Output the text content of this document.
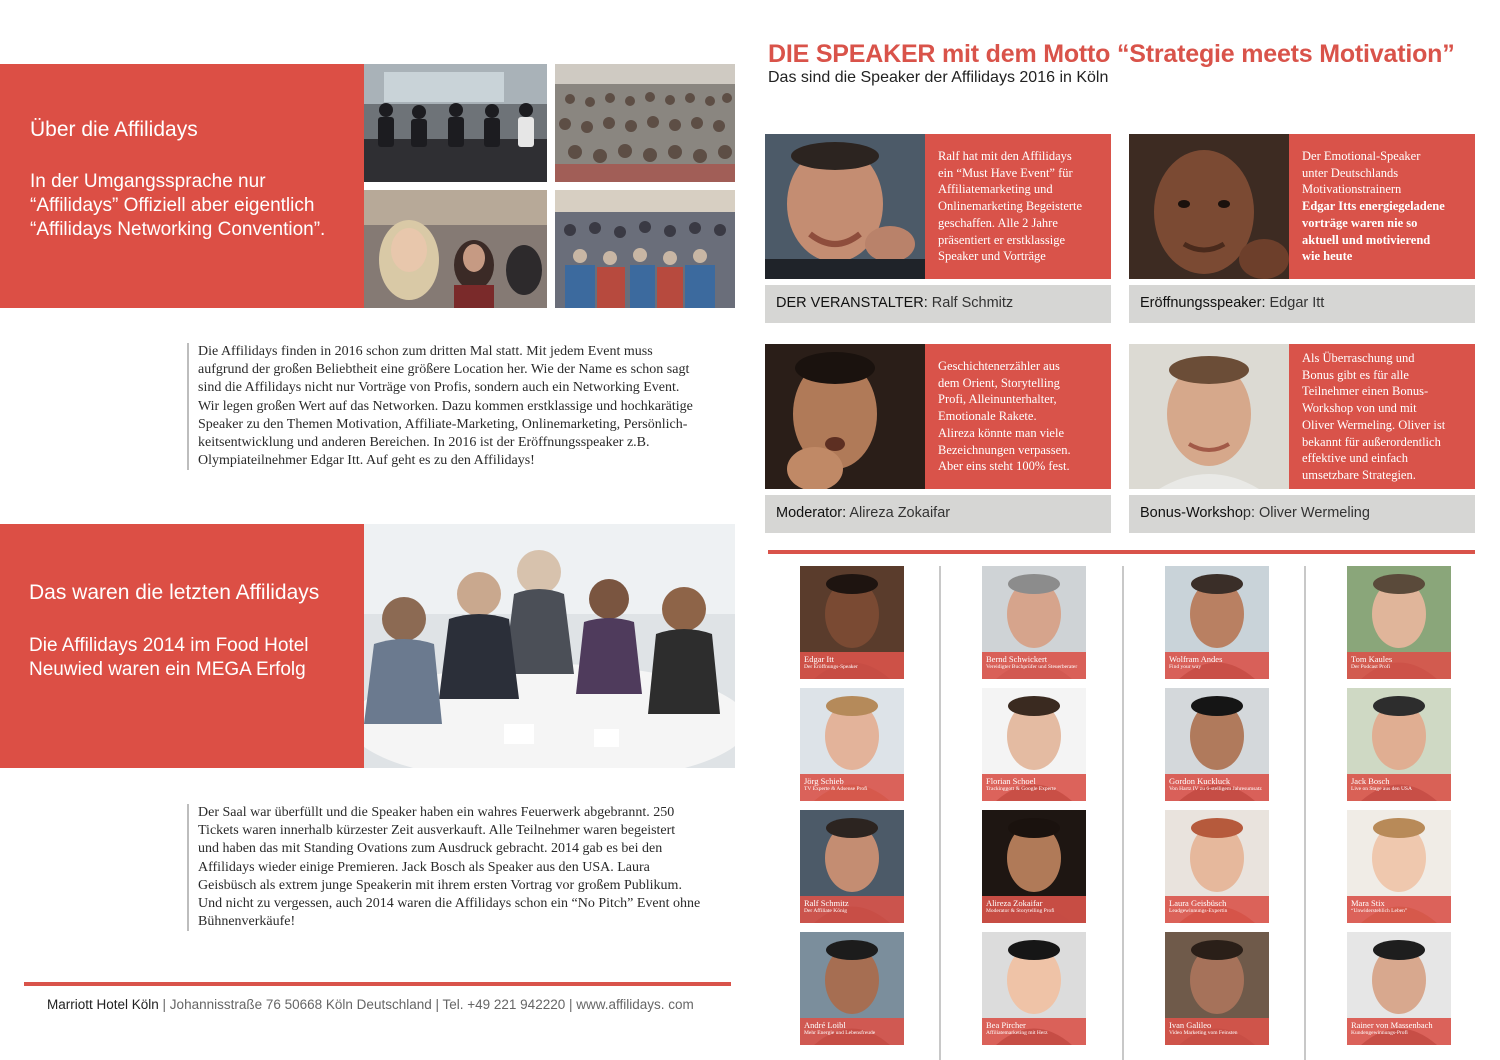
Über die Affilidays
In der Umgangssprache nur
“Affilidays” Offiziell aber eigentlich
“Affilidays Networking Convention”.
Die Affilidays finden in 2016 schon zum dritten Mal statt. Mit jedem Event muss
aufgrund der großen Beliebtheit eine größere Location her. Wie der Name es schon sagt
sind die Affilidays nicht nur Vorträge von Profis, sondern auch ein Networking Event.
Wir legen großen Wert auf das Networken. Dazu kommen erstklassige und hochkarätige
Speaker zu den Themen Motivation, Affiliate-Marketing, Onlinemarketing, Persönlich-
keitsentwicklung und anderen Bereichen. In 2016 ist der Eröffnungsspeaker z.B.
Olympiateilnehmer Edgar Itt. Auf geht es zu den Affilidays!
Das waren die letzten Affilidays
Die Affilidays 2014 im Food Hotel
Neuwied waren ein MEGA Erfolg
Der Saal war überfüllt und die Speaker haben ein wahres Feuerwerk abgebrannt. 250
Tickets waren innerhalb kürzester Zeit ausverkauft. Alle Teilnehmer waren begeistert
und haben das mit Standing Ovations zum Ausdruck gebracht. 2014 gab es bei den
Affilidays wieder einige Premieren. Jack Bosch als Speaker aus den USA. Laura
Geisbüsch als extrem junge Speakerin mit ihrem ersten Vortrag vor großem Publikum.
Und nicht zu vergessen, auch 2014 waren die Affilidays schon ein “No Pitch” Event ohne
Bühnenverkäufe!
Marriott Hotel Köln | Johannisstraße 76 50668 Köln Deutschland | Tel. +49 221 942220 | www.affilidays. com
DIE SPEAKER mit dem Motto “Strategie meets Motivation”
Das sind die Speaker der Affilidays 2016 in Köln
Ralf hat mit den Affilidays
ein “Must Have Event” für
Affiliatemarketing und
Onlinemarketing Begeisterte
geschaffen. Alle 2 Jahre
präsentiert er erstklassige
Speaker und Vorträge
DER VERANSTALTER: Ralf Schmitz
Der Emotional-Speaker
unter Deutschlands
Motivationstrainern
Edgar Itts energiegeladene
vorträge waren nie so
aktuell und motivierend
wie heute
Eröffnungsspeaker: Edgar Itt
Geschichtenerzähler aus
dem Orient, Storytelling
Profi, Alleinunterhalter,
Emotionale Rakete.
Alireza könnte man viele
Bezeichnungen verpassen.
Aber eins steht 100% fest.
Moderator: Alireza Zokaifar
Als Überraschung und
Bonus gibt es für alle
Teilnehmer einen Bonus-
Workshop von und mit
Oliver Wermeling. Oliver ist
bekannt für außerordentlich
effektive und einfach
umsetzbare Strategien.
Bonus-Workshop: Oliver Wermeling
Edgar Itt
Der Eröffnungs-Speaker
Bernd Schwickert
Vereidigter Buchprüfer und Steuerberater
Wolfram Andes
Find your way
Tom Kaules
Der Podcast Profi
Jörg Schieb
TV Experte & Adsense Profi
Florian Schoel
Trackinggott & Google Experte
Gordon Kuckluck
Von Hartz IV zu 6-stelligem Jahresumsatz
Jack Bosch
Live on Stage aus den USA
Ralf Schmitz
Der Affiliate König
Alireza Zokaifar
Moderator & Storytelling Profi
Laura Geisbüsch
Leadgewinnungs-Expertin
Mara Stix
“Unwiderstehlich Leben”
André Loibl
Mehr Energie und Lebensfreude
Bea Pircher
Affiliatemarketing mit Herz
Ivan Galileo
Video Marketing vom Feinsten
Rainer von Massenbach
Kundengewinnungs-Profi
